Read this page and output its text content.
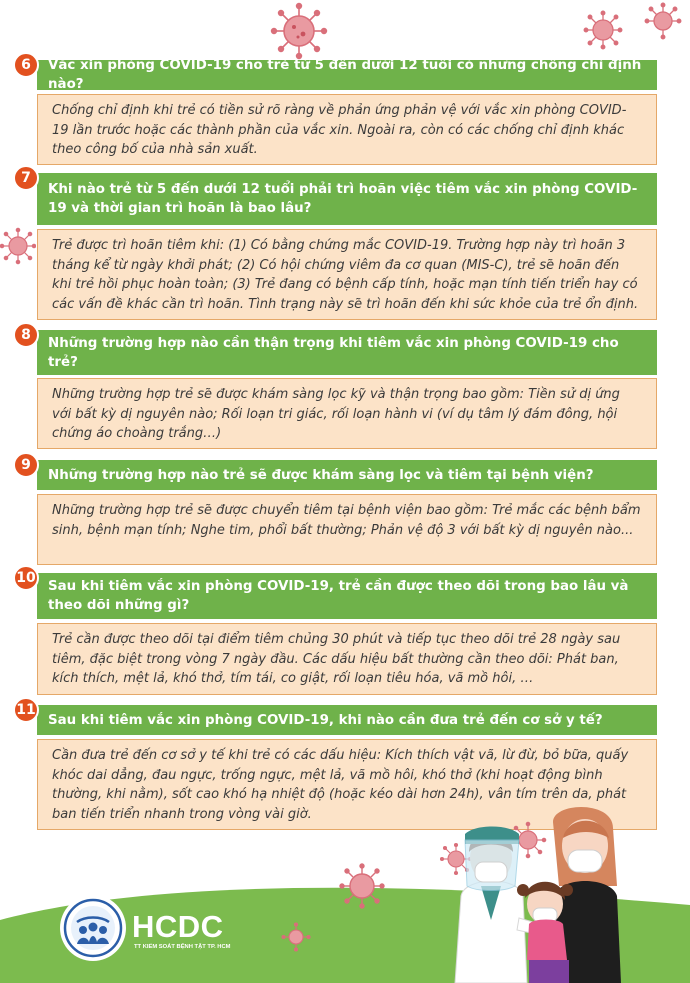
6	Vắc xin phòng COVID-19 cho trẻ từ 5 đến dưới 12 tuổi có những chống chỉ định nào?
Chống chỉ định khi trẻ có tiền sử rõ ràng về phản ứng phản vệ với vắc xin phòng COVID-19 lần trước hoặc các thành phần của vắc xin. Ngoài ra, còn có các chống chỉ định khác theo công bố của nhà sản xuất.
7
Khi nào trẻ từ 5 đến dưới 12 tuổi phải trì hoãn việc tiêm vắc xin phòng COVID-19 và thời gian trì hoãn là bao lâu?
Trẻ được trì hoãn tiêm khi: (1) Có bằng chứng mắc COVID-19. Trường hợp này trì hoãn 3 tháng kể từ ngày khởi phát; (2) Có hội chứng viêm đa cơ quan (MIS-C), trẻ sẽ hoãn đến khi trẻ hồi phục hoàn toàn; (3) Trẻ đang có bệnh cấp tính, hoặc mạn tính tiến triển hay có các vấn đề khác cần trì hoãn. Tình trạng này sẽ trì hoãn đến khi sức khỏe của trẻ ổn định.
8	Những trường hợp nào cần thận trọng khi tiêm vắc xin phòng COVID-19 cho trẻ?
Những trường hợp trẻ sẽ được khám sàng lọc kỹ và thận trọng bao gồm: Tiền sử dị ứng với bất kỳ dị nguyên nào; Rối loạn tri giác, rối loạn hành vi (ví dụ tâm lý đám đông, hội chứng áo choàng trắng…)
9
Những trường hợp nào trẻ sẽ được khám sàng lọc và tiêm tại bệnh viện?
Những trường hợp trẻ sẽ được chuyển tiêm tại bệnh viện bao gồm: Trẻ mắc các bệnh bẩm sinh, bệnh mạn tính; Nghe tim, phổi bất thường; Phản vệ độ 3 với bất kỳ dị nguyên nào...
10
Sau khi tiêm vắc xin phòng COVID-19, trẻ cần được theo dõi trong bao lâu và theo dõi những gì?
Trẻ cần được theo dõi tại điểm tiêm chủng 30 phút và tiếp tục theo dõi trẻ 28 ngày sau tiêm, đặc biệt trong vòng 7 ngày đầu. Các dấu hiệu bất thường cần theo dõi: Phát ban, kích thích, mệt lả, khó thở, tím tái, co giật, rối loạn tiêu hóa, vã mồ hôi, …
11
Sau khi tiêm vắc xin phòng COVID-19, khi nào cần đưa trẻ đến cơ sở y tế?
Cần đưa trẻ đến cơ sở y tế khi trẻ có các dấu hiệu: Kích thích vật vã, lừ đừ, bỏ bữa, quấy khóc dai dẳng, đau ngực, trống ngực, mệt lả, vã mồ hôi, khó thở (khi hoạt động bình thường, khi nằm), sốt cao khó hạ nhiệt độ (hoặc kéo dài hơn 24h), vân tím trên da, phát ban tiến triển nhanh trong vòng vài giờ.
HCDC
TT KIỂM SOÁT BỆNH TẬT TP. HCM
